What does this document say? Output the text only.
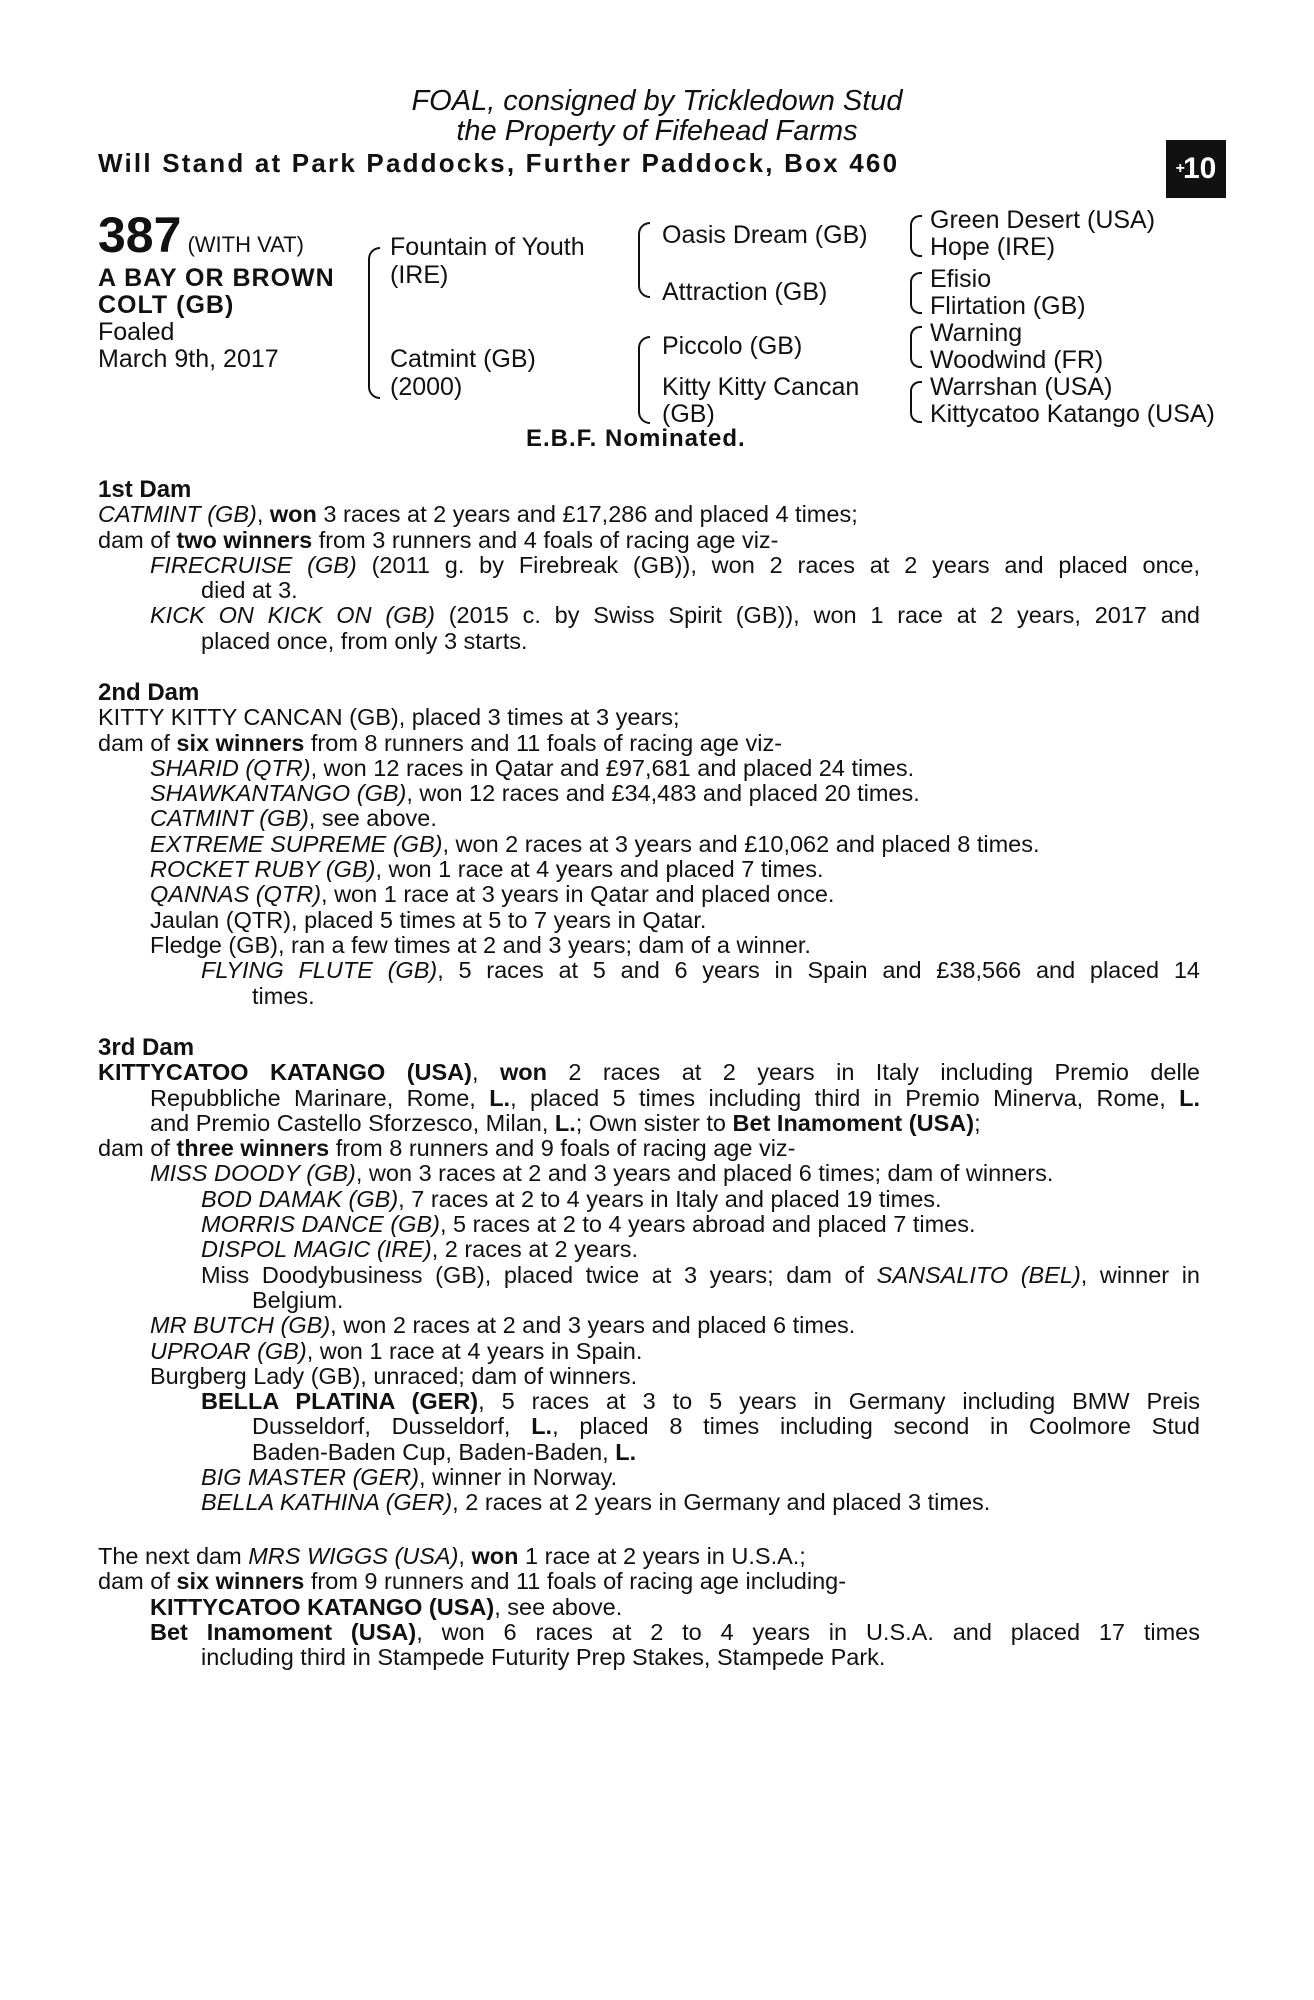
FOAL, consigned by Trickledown Stud
the Property of Fifehead Farms
Will Stand at Park Paddocks, Further Paddock, Box 460	+
10
387 (WITH VAT)
A BAY OR BROWN
COLT (GB)
Foaled
March 9th, 2017
Fountain of Youth
(IRE)
Catmint (GB)
(2000)
Oasis Dream (GB)
Attraction (GB)
Piccolo (GB)
Kitty Kitty Cancan
(GB)
Green Desert (USA)
Hope (IRE)
Efisio
Flirtation (GB)
Warning
Woodwind (FR)
Warrshan (USA)
Kittycatoo Katango (USA)
E.B.F. Nominated.
1st Dam
CATMINT (GB), won 3 races at 2 years and £17,286 and placed 4 times;
dam of two winners from 3 runners and 4 foals of racing age viz-
FIRECRUISE (GB) (2011 g. by Firebreak (GB)), won 2 races at 2 years and placed once,
died at 3.
KICK ON KICK ON (GB) (2015 c. by Swiss Spirit (GB)), won 1 race at 2 years, 2017 and
placed once, from only 3 starts.
2nd Dam
KITTY KITTY CANCAN (GB), placed 3 times at 3 years;
dam of six winners from 8 runners and 11 foals of racing age viz-
SHARID (QTR), won 12 races in Qatar and £97,681 and placed 24 times.
SHAWKANTANGO (GB), won 12 races and £34,483 and placed 20 times.
CATMINT (GB), see above.
EXTREME SUPREME (GB), won 2 races at 3 years and £10,062 and placed 8 times.
ROCKET RUBY (GB), won 1 race at 4 years and placed 7 times.
QANNAS (QTR), won 1 race at 3 years in Qatar and placed once.
Jaulan (QTR), placed 5 times at 5 to 7 years in Qatar.
Fledge (GB), ran a few times at 2 and 3 years; dam of a winner.
FLYING FLUTE (GB), 5 races at 5 and 6 years in Spain and £38,566 and placed 14
times.
3rd Dam
KITTYCATOO KATANGO (USA), won 2 races at 2 years in Italy including Premio delle
Repubbliche Marinare, Rome, L., placed 5 times including third in Premio Minerva, Rome, L.
and Premio Castello Sforzesco, Milan, L.; Own sister to Bet Inamoment (USA);
dam of three winners from 8 runners and 9 foals of racing age viz-
MISS DOODY (GB), won 3 races at 2 and 3 years and placed 6 times; dam of winners.
BOD DAMAK (GB), 7 races at 2 to 4 years in Italy and placed 19 times.
MORRIS DANCE (GB), 5 races at 2 to 4 years abroad and placed 7 times.
DISPOL MAGIC (IRE), 2 races at 2 years.
Miss Doodybusiness (GB), placed twice at 3 years; dam of SANSALITO (BEL), winner in
Belgium.
MR BUTCH (GB), won 2 races at 2 and 3 years and placed 6 times.
UPROAR (GB), won 1 race at 4 years in Spain.
Burgberg Lady (GB), unraced; dam of winners.
BELLA PLATINA (GER), 5 races at 3 to 5 years in Germany including BMW Preis
Dusseldorf, Dusseldorf, L., placed 8 times including second in Coolmore Stud
Baden-Baden Cup, Baden-Baden, L.
BIG MASTER (GER), winner in Norway.
BELLA KATHINA (GER), 2 races at 2 years in Germany and placed 3 times.
The next dam MRS WIGGS (USA), won 1 race at 2 years in U.S.A.;
dam of six winners from 9 runners and 11 foals of racing age including-
KITTYCATOO KATANGO (USA), see above.
Bet Inamoment (USA), won 6 races at 2 to 4 years in U.S.A. and placed 17 times
including third in Stampede Futurity Prep Stakes, Stampede Park.
